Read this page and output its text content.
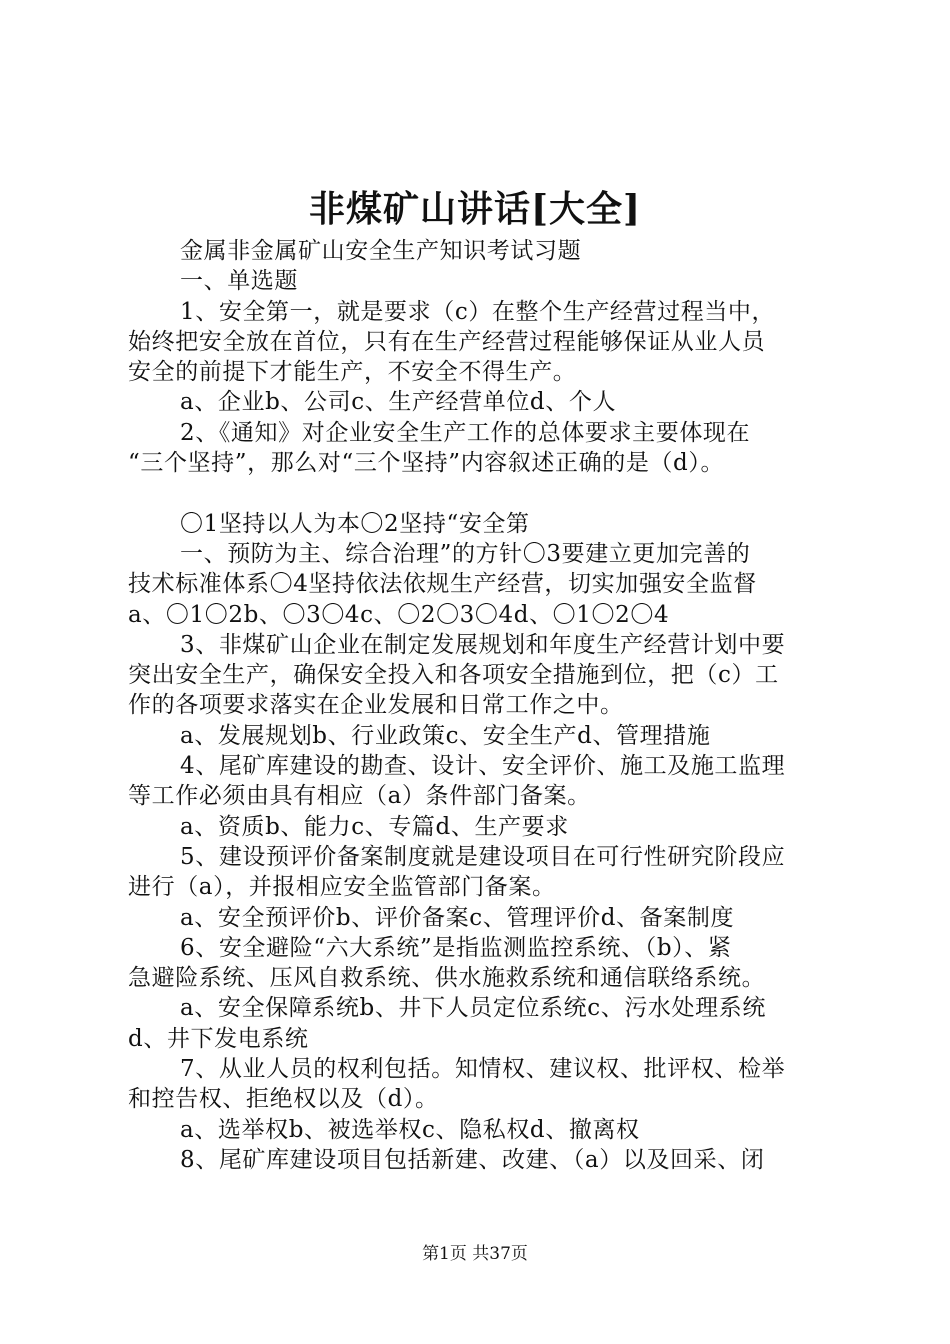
非煤矿山讲话[大全]
金属非金属矿山安全生产知识考试习题
一、单选题
1、安全第一，就是要求（c）在整个生产经营过程当中，
始终把安全放在首位，只有在生产经营过程能够保证从业人员
安全的前提下才能生产，不安全不得生产。
a、企业b、公司c、生产经营单位d、个人
2、《通知》对企业安全生产工作的总体要求主要体现在
“三个坚持”，那么对“三个坚持”内容叙述正确的是（d）。
〇1坚持以人为本〇2坚持“安全第
一、预防为主、综合治理”的方针〇3要建立更加完善的
技术标准体系〇4坚持依法依规生产经营，切实加强安全监督
a、〇1〇2b、〇3〇4c、〇2〇3〇4d、〇1〇2〇4
3、非煤矿山企业在制定发展规划和年度生产经营计划中要
突出安全生产，确保安全投入和各项安全措施到位，把（c）工
作的各项要求落实在企业发展和日常工作之中。
a、发展规划b、行业政策c、安全生产d、管理措施
4、尾矿库建设的勘查、设计、安全评价、施工及施工监理
等工作必须由具有相应（a）条件部门备案。
a、资质b、能力c、专篇d、生产要求
5、建设预评价备案制度就是建设项目在可行性研究阶段应
进行（a），并报相应安全监管部门备案。
a、安全预评价b、评价备案c、管理评价d、备案制度
6、安全避险“六大系统”是指监测监控系统、（b）、紧
急避险系统、压风自救系统、供水施救系统和通信联络系统。
a、安全保障系统b、井下人员定位系统c、污水处理系统
d、井下发电系统
7、从业人员的权利包括。知情权、建议权、批评权、检举
和控告权、拒绝权以及（d）。
a、选举权b、被选举权c、隐私权d、撤离权
8、尾矿库建设项目包括新建、改建、（a）以及回采、闭
第1页 共37页
